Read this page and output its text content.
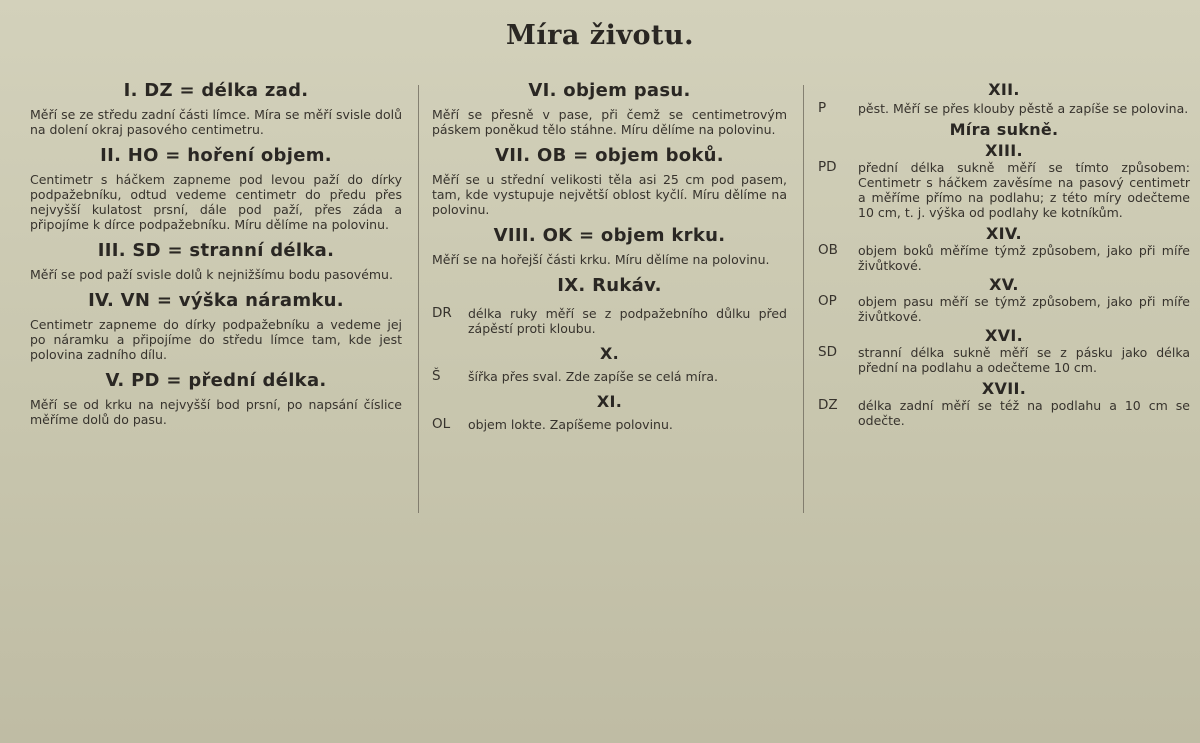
Míra životu.
I. DZ = délka zad.

Měří se ze středu zadní části límce. Míra se měří svisle dolů na dolení okraj pasového centimetru.

II. HO = hoření objem.

Centimetr s háčkem zapneme pod levou paží do dírky podpažebníku, odtud vedeme centimetr do předu přes nejvyšší kulatost prsní, dále pod paží, přes záda a připojíme k dírce podpažebníku. Míru dělíme na polovinu.

III. SD = stranní délka.

Měří se pod paží svisle dolů k nejnižšímu bodu pasovému.

IV. VN = výška náramku.

Centimetr zapneme do dírky podpažebníku a vedeme jej po náramku a připojíme do středu límce tam, kde jest polovina zadního dílu.

V. PD = přední délka.

Měří se od krku na nejvyšší bod prsní, po napsání číslice měříme dolů do pasu.

VI. objem pasu.

Měří se přesně v pase, při čemž se centimetrovým páskem poněkud tělo stáhne. Míru dělíme na polovinu.

VII. OB = objem boků.

Měří se u střední velikosti těla asi 25 cm pod pasem, tam, kde vystupuje největší oblost kyčlí. Míru dělíme na polovinu.

VIII. OK = objem krku.

Měří se na hořejší části krku. Míru dělíme na polovinu.

IX. Rukáv.
DR	délka ruky měří se z podpažebního důlku před zápěstí proti kloubu.
X.
Š	šířka přes sval. Zde zapíše se celá míra.
XI.
OL	objem lokte. Zapíšeme polovinu.
XII.
P	pěst. Měří se přes klouby pěstě a zapíše se polovina.
Míra sukně.
XIII.
PD	přední délka sukně měří se tímto způsobem: Centimetr s háčkem zavěsíme na pasový centimetr a měříme přímo na podlahu; z této míry odečteme 10 cm, t. j. výška od podlahy ke kotníkům.
XIV.
OB	objem boků měříme týmž způsobem, jako při míře živůtkové.
XV.
OP	objem pasu měří se týmž způsobem, jako při míře živůtkové.
XVI.
SD	stranní délka sukně měří se z pásku jako délka přední na podlahu a odečteme 10 cm.
XVII.
DZ	délka zadní měří se též na podlahu a 10 cm se odečte.
